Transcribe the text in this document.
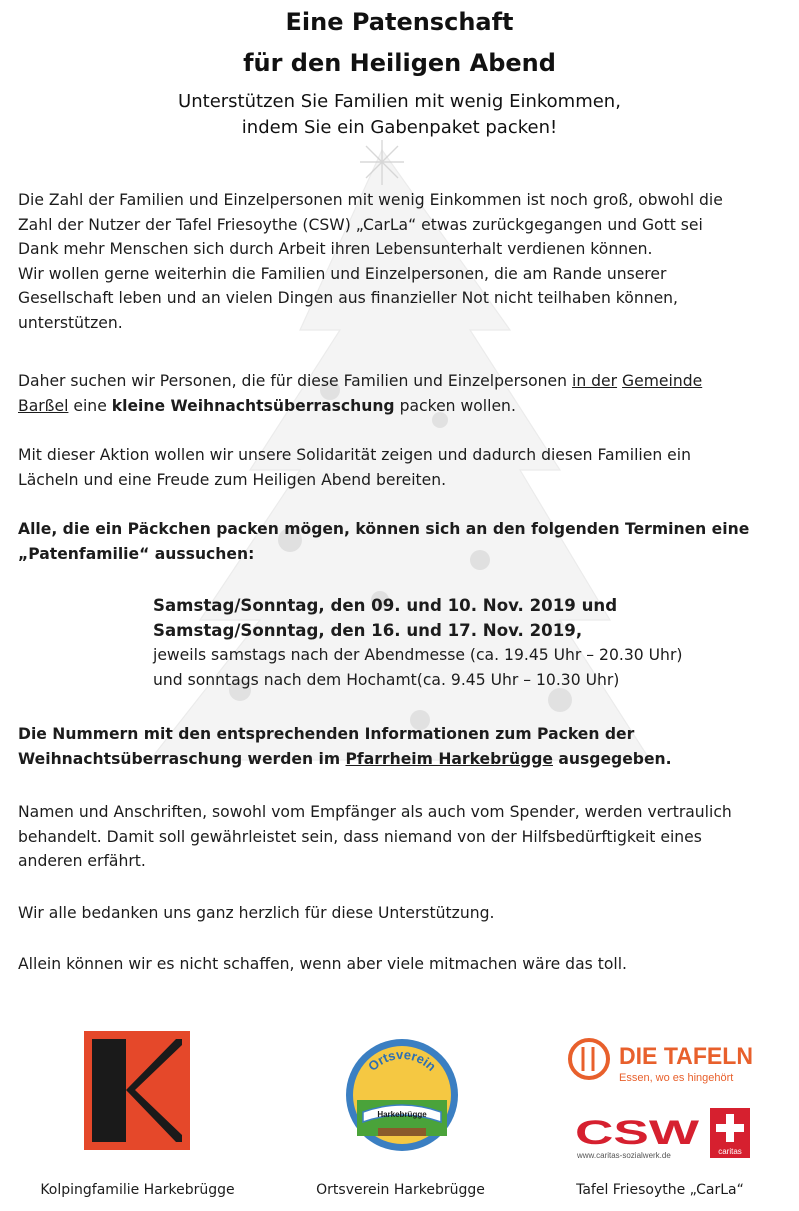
Eine Patenschaft
für den Heiligen Abend
Unterstützen Sie Familien mit wenig Einkommen,
indem Sie ein Gabenpaket packen!
Die Zahl der Familien und Einzelpersonen mit wenig Einkommen ist noch groß, obwohl die
Zahl der Nutzer der Tafel Friesoythe (CSW) „CarLa“ etwas zurückgegangen und Gott sei
Dank mehr Menschen sich durch Arbeit ihren Lebensunterhalt verdienen können.
Wir wollen gerne weiterhin die Familien und Einzelpersonen, die am Rande unserer
Gesellschaft leben und an vielen Dingen aus finanzieller Not nicht teilhaben können,
unterstützen.
Daher suchen wir Personen, die für diese Familien und Einzelpersonen in der Gemeinde
Barßel eine kleine Weihnachtsüberraschung packen wollen.
Mit dieser Aktion wollen wir unsere Solidarität zeigen und dadurch diesen Familien ein
Lächeln und eine Freude zum Heiligen Abend bereiten.
Alle, die ein Päckchen packen mögen, können sich an den folgenden Terminen eine
„Patenfamilie“ aussuchen:
Samstag/Sonntag, den 09. und 10. Nov. 2019 und
Samstag/Sonntag, den 16. und 17. Nov. 2019,
jeweils samstags nach der Abendmesse (ca. 19.45 Uhr – 20.30 Uhr)
und sonntags nach dem Hochamt(ca. 9.45 Uhr – 10.30 Uhr)
Die Nummern mit den entsprechenden Informationen zum Packen der
Weihnachtsüberraschung werden im Pfarrheim Harkebrügge ausgegeben.
Namen und Anschriften, sowohl vom Empfänger als auch vom Spender, werden vertraulich
behandelt. Damit soll gewährleistet sein, dass niemand von der Hilfsbedürftigkeit eines
anderen erfährt.
Wir alle bedanken uns ganz herzlich für diese Unterstützung.
Allein können wir es nicht schaffen, wenn aber viele mitmachen wäre das toll.
Harkebrügge
Ortsverein	DIE TAFELN
Essen, wo es hingehört
CSW
www.caritas-sozialwerk.de	caritas
Kolpingfamilie Harkebrügge	Ortsverein Harkebrügge	Tafel Friesoythe „CarLa“
